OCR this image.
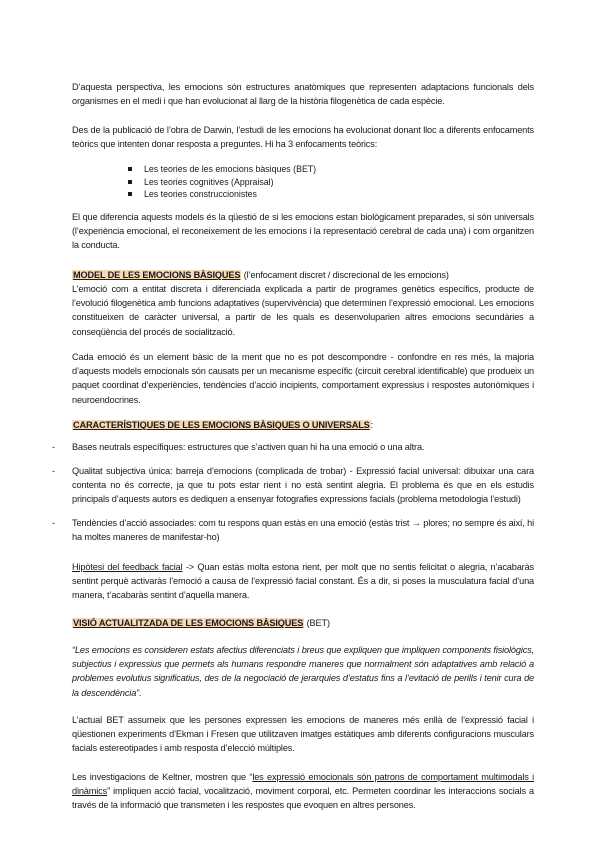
D’aquesta perspectiva, les emocions són estructures anatòmiques que representen adaptacions funcionals dels organismes en el medi i que han evolucionat al llarg de la història filogenètica de cada espècie.

Des de la publicació de l’obra de Darwin, l’estudi de les emocions ha evolucionat donant lloc a diferents enfocaments teòrics que intenten donar resposta a preguntes. Hi ha 3 enfocaments teòrics:

Les teories de les emocions bàsiques (BET)
Les teories cognitives (Appraisal)
Les teories construccionistes

El que diferencia aquests models és la qüestió de si les emocions estan biològicament preparades, si són universals (l’experiència emocional, el reconeixement de les emocions i la representació cerebral de cada una) i com organitzen la conducta.

MODEL DE LES EMOCIONS BÀSIQUES (l’enfocament discret / discrecional de les emocions)

L’emoció com a entitat discreta i diferenciada explicada a partir de programes genètics específics, producte de l’evolució filogenètica amb funcions adaptatives (supervivència) que determinen l’expressió emocional. Les emocions constitueixen de caràcter universal, a partir de les quals es desenvoluparien altres emocions secundàries a conseqüència del procés de socialització.

Cada emoció és un element bàsic de la ment que no es pot descompondre - confondre en res més, la majoria d’aquests models emocionals són causats per un mecanisme específic (circuit cerebral identificable) que produeix un paquet coordinat d’experiències, tendències d’acció incipients, comportament expressius i respostes autonòmiques i neuroendocrines.

CARACTERÍSTIQUES DE LES EMOCIONS BÀSIQUES O UNIVERSALS:
- Bases neutrals específiques: estructures que s’activen quan hi ha una emoció o una altra.
- Qualitat subjectiva única: barreja d’emocions (complicada de trobar) - Expressió facial universal: dibuixar una cara contenta no és correcte, ja que tu pots estar rient i no està sentint alegria. El problema és que en els estudis principals d’aquests autors es dediquen a ensenyar fotografies expressions facials (problema metodologia l’estudi)
- Tendències d’acció associades: com tu respons quan estàs en una emoció (estàs trist → plores; no sempre és així, hi ha moltes maneres de manifestar-ho)

Hipòtesi del feedback facial -> Quan estàs molta estona rient, per molt que no sentis felicitat o alegria, n’acabaràs sentint perquè activaràs l’emoció a causa de l’expressió facial constant. És a dir, si poses la musculatura facial d’una manera, t’acabaràs sentint d’aquella manera.

VISIÓ ACTUALITZADA DE LES EMOCIONS BÀSIQUES (BET)

“Les emocions es consideren estats afectius diferenciats i breus que expliquen que impliquen components fisiològics, subjectius i expressius que permets als humans respondre maneres que normalment són adaptatives amb relació a problemes evolutius significatius, des de la negociació de jerarquies d’estatus fins a l’evitació de perills i tenir cura de la descendència”.

L’actual BET assumeix que les persones expressen les emocions de maneres més enllà de l’expressió facial i qüestionen experiments d’Ekman i Fresen que utilitzaven imatges estàtiques amb diferents configuracions musculars facials estereotipades i amb resposta d’elecció múltiples.

Les investigacions de Keltner, mostren que “les expressió emocionals són patrons de comportament multimodals i dinàmics” impliquen acció facial, vocalització, moviment corporal, etc. Permeten coordinar les interaccions socials a través de la informació que transmeten i les respostes que evoquen en altres persones.
